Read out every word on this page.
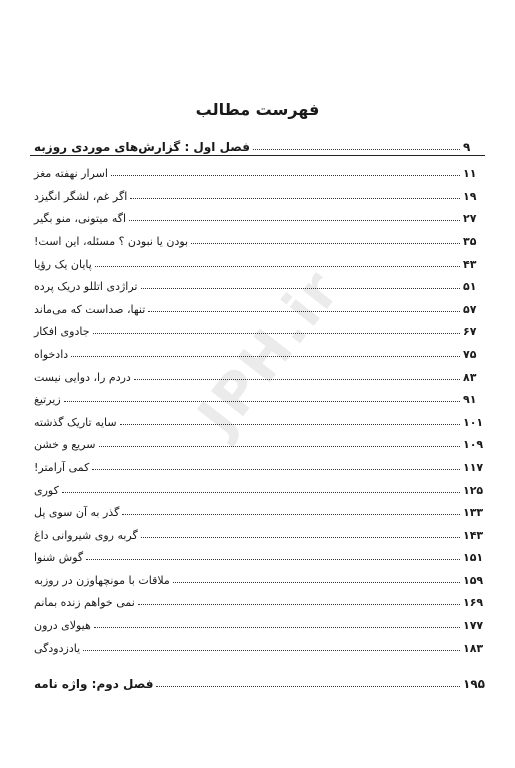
JPH.ir
فهرست مطالب
فصل اول : گزارش‌های موردی روزبه	۹
اسرار نهفته مغز	۱۱
اگر غم، لشگر انگیزد	۱۹
اگه میتونی، منو بگیر	۲۷
بودن یا نبودن ؟ مسئله، این است!	۳۵
پایان یک رؤیا	۴۳
تراژدی اتللو دریک پرده	۵۱
تنها، صداست که می‌ماند	۵۷
جادوی افکار	۶۷
دادخواه	۷۵
دردم را، دوایی نیست	۸۳
زیرتیغ	۹۱
سایه تاریک گذشته	۱۰۱
سریع و خشن	۱۰۹
کمی آرامتر!	۱۱۷
کوری	۱۲۵
گذر به آن سوی پل	۱۳۳
گربه روی شیروانی داغ	۱۴۳
گوش شنوا	۱۵۱
ملاقات با مونچهاوزن در روزبه	۱۵۹
نمی خواهم زنده بمانم	۱۶۹
هیولای درون	۱۷۷
یادزدودگی	۱۸۳
فصل دوم: واژه نامه	۱۹۵
